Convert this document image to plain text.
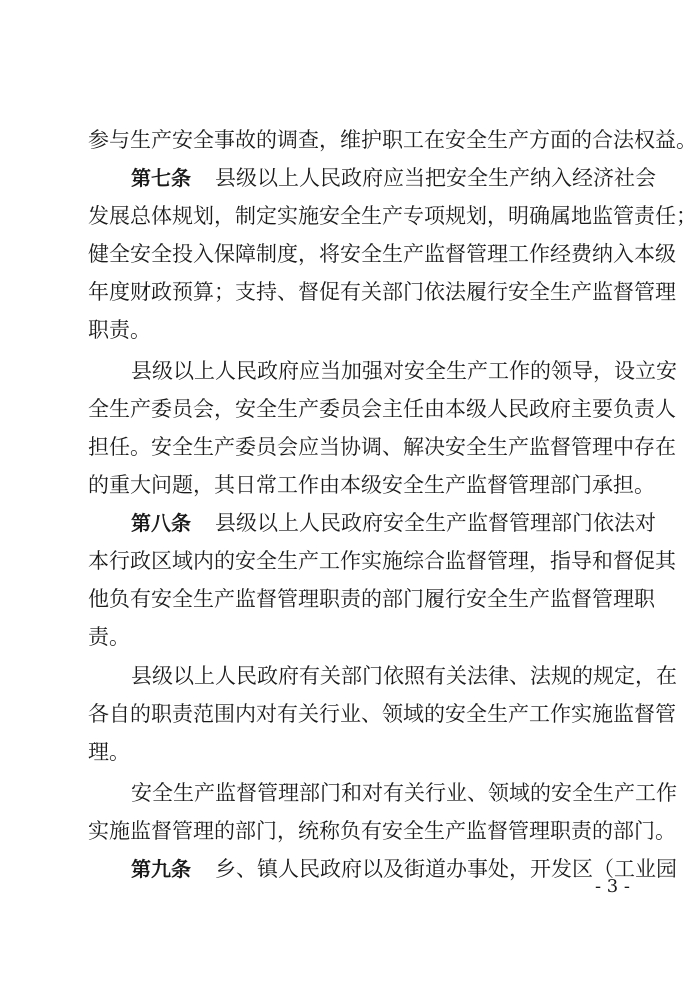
参与生产安全事故的调查，维护职工在安全生产方面的合法权益。
第七条 县级以上人民政府应当把安全生产纳入经济社会
发展总体规划，制定实施安全生产专项规划，明确属地监管责任；
健全安全投入保障制度，将安全生产监督管理工作经费纳入本级
年度财政预算；支持、督促有关部门依法履行安全生产监督管理
职责。
县级以上人民政府应当加强对安全生产工作的领导，设立安
全生产委员会，安全生产委员会主任由本级人民政府主要负责人
担任。安全生产委员会应当协调、解决安全生产监督管理中存在
的重大问题，其日常工作由本级安全生产监督管理部门承担。
第八条 县级以上人民政府安全生产监督管理部门依法对
本行政区域内的安全生产工作实施综合监督管理，指导和督促其
他负有安全生产监督管理职责的部门履行安全生产监督管理职
责。
县级以上人民政府有关部门依照有关法律、法规的规定，在
各自的职责范围内对有关行业、领域的安全生产工作实施监督管
理。
安全生产监督管理部门和对有关行业、领域的安全生产工作
实施监督管理的部门，统称负有安全生产监督管理职责的部门。
第九条 乡、镇人民政府以及街道办事处，开发区（工业园
- 3 -
